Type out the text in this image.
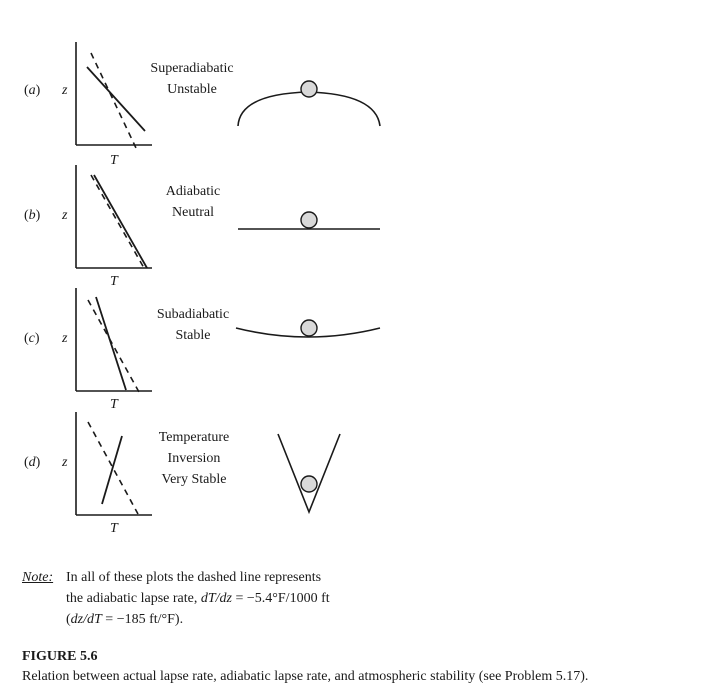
(a) z
T
Superadiabatic
Unstable
(b) z
T
Adiabatic
Neutral
(c) z
T
Subadiabatic
Stable
(d) z
T
Temperature
Inversion
Very Stable
Note: In all of these plots the dashed line represents
the adiabatic lapse rate, dT/dz = −5.4°F/1000 ft
(dz/dT = −185 ft/°F).
FIGURE 5.6
Relation between actual lapse rate, adiabatic lapse rate, and atmospheric stability (see Problem 5.17).
